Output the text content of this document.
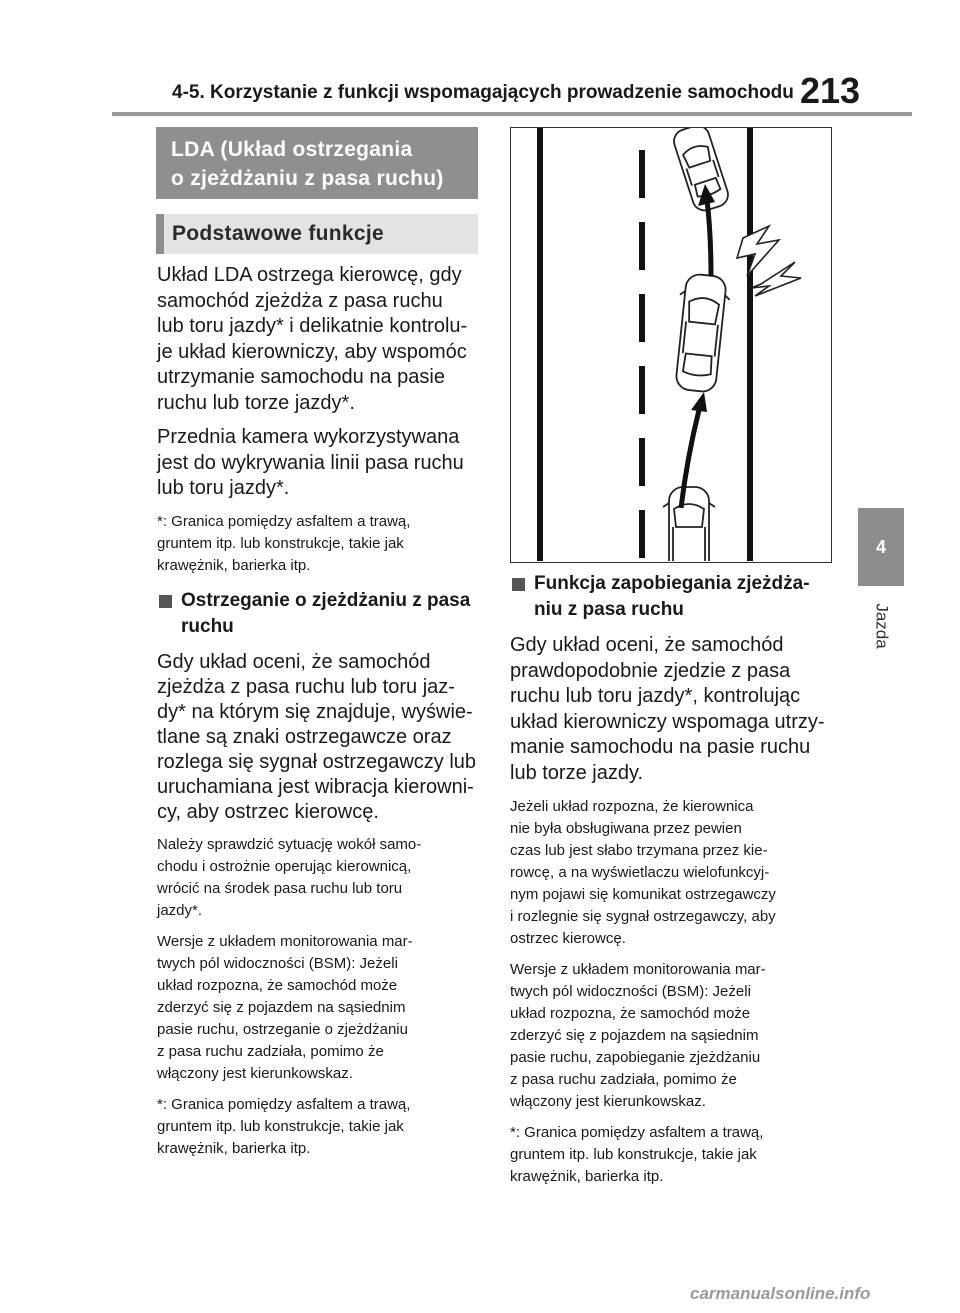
4-5. Korzystanie z funkcji wspomagających prowadzenie samochodu 213
4
Jazda
LDA (Układ ostrzegania
o zjeżdżaniu z pasa ruchu)
Podstawowe funkcje
Układ LDA ostrzega kierowcę, gdy
samochód zjeżdża z pasa ruchu
lub toru jazdy* i delikatnie kontrolu-
je układ kierowniczy, aby wspomóc
utrzymanie samochodu na pasie
ruchu lub torze jazdy*.
Przednia kamera wykorzystywana
jest do wykrywania linii pasa ruchu
lub toru jazdy*.
*: Granica pomiędzy asfaltem a trawą,
gruntem itp. lub konstrukcje, takie jak
krawężnik, barierka itp.
Ostrzeganie o zjeżdżaniu z pasa
ruchu
Gdy układ oceni, że samochód
zjeżdża z pasa ruchu lub toru jaz-
dy* na którym się znajduje, wyświe-
tlane są znaki ostrzegawcze oraz
rozlega się sygnał ostrzegawczy lub
uruchamiana jest wibracja kierowni-
cy, aby ostrzec kierowcę.
Należy sprawdzić sytuację wokół samo-
chodu i ostrożnie operując kierownicą,
wrócić na środek pasa ruchu lub toru
jazdy*.
Wersje z układem monitorowania mar-
twych pól widoczności (BSM): Jeżeli
układ rozpozna, że samochód może
zderzyć się z pojazdem na sąsiednim
pasie ruchu, ostrzeganie o zjeżdżaniu
z pasa ruchu zadziała, pomimo że
włączony jest kierunkowskaz.
*: Granica pomiędzy asfaltem a trawą,
gruntem itp. lub konstrukcje, takie jak
krawężnik, barierka itp.
Funkcja zapobiegania zjeżdża-
niu z pasa ruchu
Gdy układ oceni, że samochód
prawdopodobnie zjedzie z pasa
ruchu lub toru jazdy*, kontrolując
układ kierowniczy wspomaga utrzy-
manie samochodu na pasie ruchu
lub torze jazdy.
Jeżeli układ rozpozna, że kierownica
nie była obsługiwana przez pewien
czas lub jest słabo trzymana przez kie-
rowcę, a na wyświetlaczu wielofunkcyj-
nym pojawi się komunikat ostrzegawczy
i rozlegnie się sygnał ostrzegawczy, aby
ostrzec kierowcę.
Wersje z układem monitorowania mar-
twych pól widoczności (BSM): Jeżeli
układ rozpozna, że samochód może
zderzyć się z pojazdem na sąsiednim
pasie ruchu, zapobieganie zjeżdżaniu
z pasa ruchu zadziała, pomimo że
włączony jest kierunkowskaz.
*: Granica pomiędzy asfaltem a trawą,
gruntem itp. lub konstrukcje, takie jak
krawężnik, barierka itp.
carmanualsonline.info
